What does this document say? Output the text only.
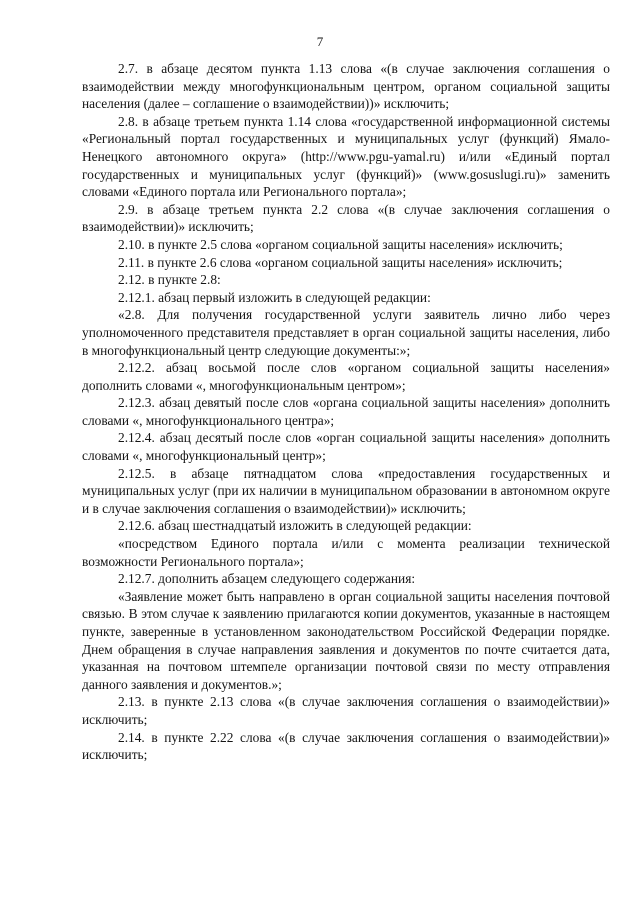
7

2.7. в абзаце десятом пункта 1.13 слова «(в случае заключения соглашения о взаимодействии между многофункциональным центром, органом социальной защиты населения (далее – соглашение о взаимодействии))» исключить;

2.8. в абзаце третьем пункта 1.14 слова «государственной информационной системы «Региональный портал государственных и муниципальных услуг (функций) Ямало-Ненецкого автономного округа» (http://www.pgu-yamal.ru) и/или «Единый портал государственных и муниципальных услуг (функций)» (www.gosuslugi.ru)» заменить словами «Единого портала или Регионального портала»;

2.9. в абзаце третьем пункта 2.2 слова «(в случае заключения соглашения о взаимодействии)» исключить;

2.10. в пункте 2.5 слова «органом социальной защиты населения» исключить;

2.11. в пункте 2.6 слова «органом социальной защиты населения» исключить;

2.12. в пункте 2.8:

2.12.1. абзац первый изложить в следующей редакции:

«2.8. Для получения государственной услуги заявитель лично либо через уполномоченного представителя представляет в орган социальной защиты населения, либо в многофункциональный центр следующие документы:»;

2.12.2. абзац восьмой после слов «органом социальной защиты населения» дополнить словами «, многофункциональным центром»;

2.12.3. абзац девятый после слов «органа социальной защиты населения» дополнить словами «, многофункционального центра»;

2.12.4. абзац десятый после слов «орган социальной защиты населения» дополнить словами «, многофункциональный центр»;

2.12.5. в абзаце пятнадцатом слова «предоставления государственных и муниципальных услуг (при их наличии в муниципальном образовании в автономном округе и в случае заключения соглашения о взаимодействии)» исключить;

2.12.6. абзац шестнадцатый изложить в следующей редакции:

«посредством Единого портала и/или с момента реализации технической возможности Регионального портала»;

2.12.7. дополнить абзацем следующего содержания:

«Заявление может быть направлено в орган социальной защиты населения почтовой связью. В этом случае к заявлению прилагаются копии документов, указанные в настоящем пункте, заверенные в установленном законодательством Российской Федерации порядке. Днем обращения в случае направления заявления и документов по почте считается дата, указанная на почтовом штемпеле организации почтовой связи по месту отправления данного заявления и документов.»;

2.13. в пункте 2.13 слова «(в случае заключения соглашения о взаимодействии)» исключить;

2.14. в пункте 2.22 слова «(в случае заключения соглашения о взаимодействии)» исключить;
